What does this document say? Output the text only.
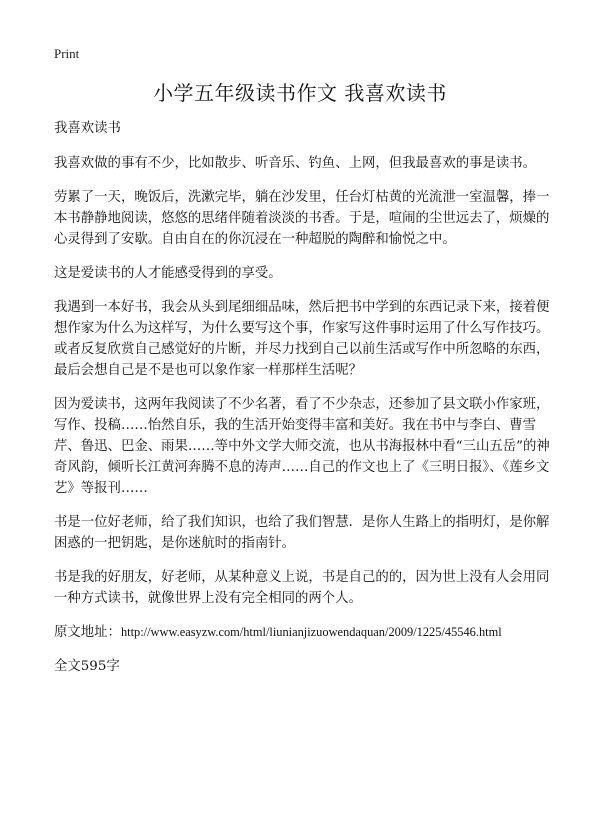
Print
小学五年级读书作文 我喜欢读书

我喜欢读书

我喜欢做的事有不少，比如散步、听音乐、钓鱼、上网，但我最喜欢的事是读书。

劳累了一天，晚饭后，洗漱完毕，躺在沙发里，任台灯枯黄的光流泄一室温馨，捧一本书静静地阅读，悠悠的思绪伴随着淡淡的书香。于是，喧闹的尘世远去了，烦燥的心灵得到了安歇。自由自在的你沉浸在一种超脱的陶醉和愉悦之中。

这是爱读书的人才能感受得到的享受。

我遇到一本好书，我会从头到尾细细品味，然后把书中学到的东西记录下来，接着便想作家为什么为这样写，为什么要写这个事，作家写这件事时运用了什么写作技巧。或者反复欣赏自己感觉好的片断，并尽力找到自己以前生活或写作中所忽略的东西，最后会想自己是不是也可以象作家一样那样生活呢？

因为爱读书，这两年我阅读了不少名著，看了不少杂志，还参加了县文联小作家班，写作、投稿……怡然自乐，我的生活开始变得丰富和美好。我在书中与李白、曹雪芹、鲁迅、巴金、雨果……等中外文学大师交流，也从书海报林中看“三山五岳”的神奇风韵，倾听长江黄河奔腾不息的涛声……自己的作文也上了《三明日报》、《莲乡文艺》等报刊……

书是一位好老师，给了我们知识，也给了我们智慧．是你人生路上的指明灯，是你解困惑的一把钥匙，是你迷航时的指南针。

书是我的好朋友，好老师，从某种意义上说，书是自己的的，因为世上没有人会用同一种方式读书，就像世界上没有完全相同的两个人。

原文地址：http://www.easyzw.com/html/liunianjizuowendaquan/2009/1225/45546.html

全文595字
